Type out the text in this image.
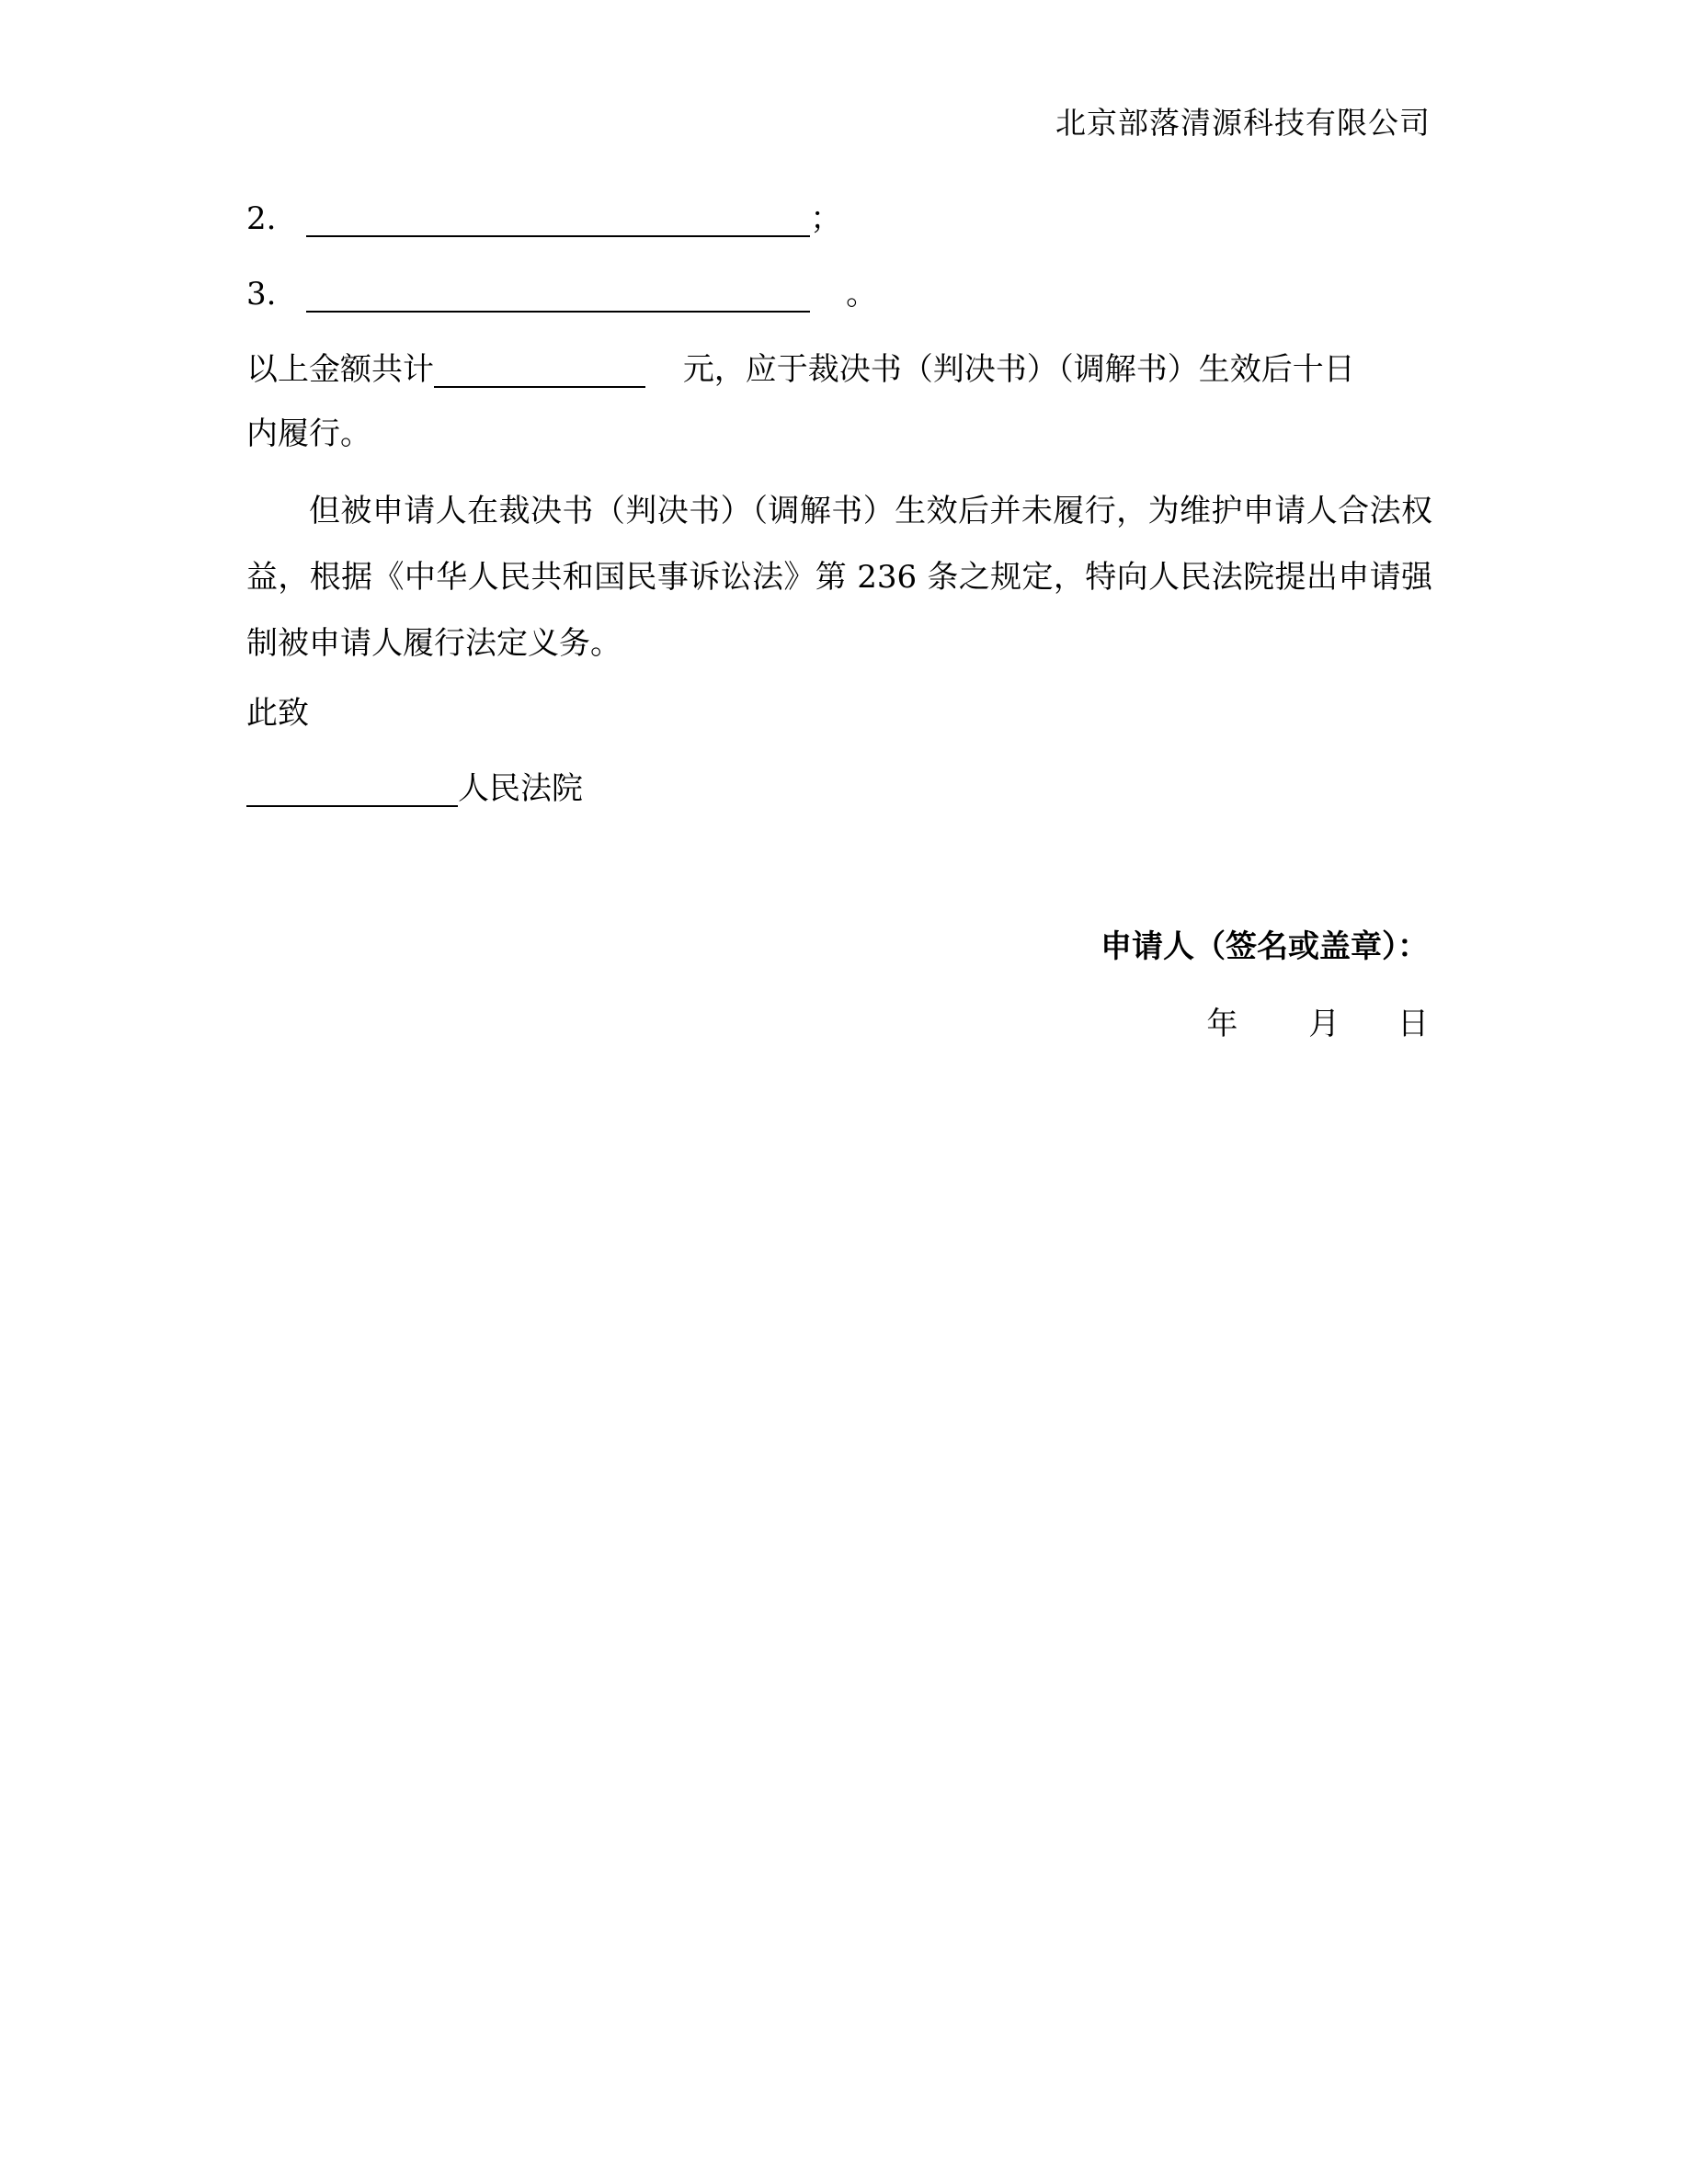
北京部落清源科技有限公司
2.	；
3.	。
以上金额共计	元，应于裁决书（判决书）（调解书）生效后十日
内履行。
但被申请人在裁决书（判决书）（调解书）生效后并未履行，为维护申请人合法权益，根据《中华人民共和国民事诉讼法》第 236 条之规定，特向人民法院提出申请强制被申请人履行法定义务。
此致
人民法院
申请人（签名或盖章）：
年 月 日
